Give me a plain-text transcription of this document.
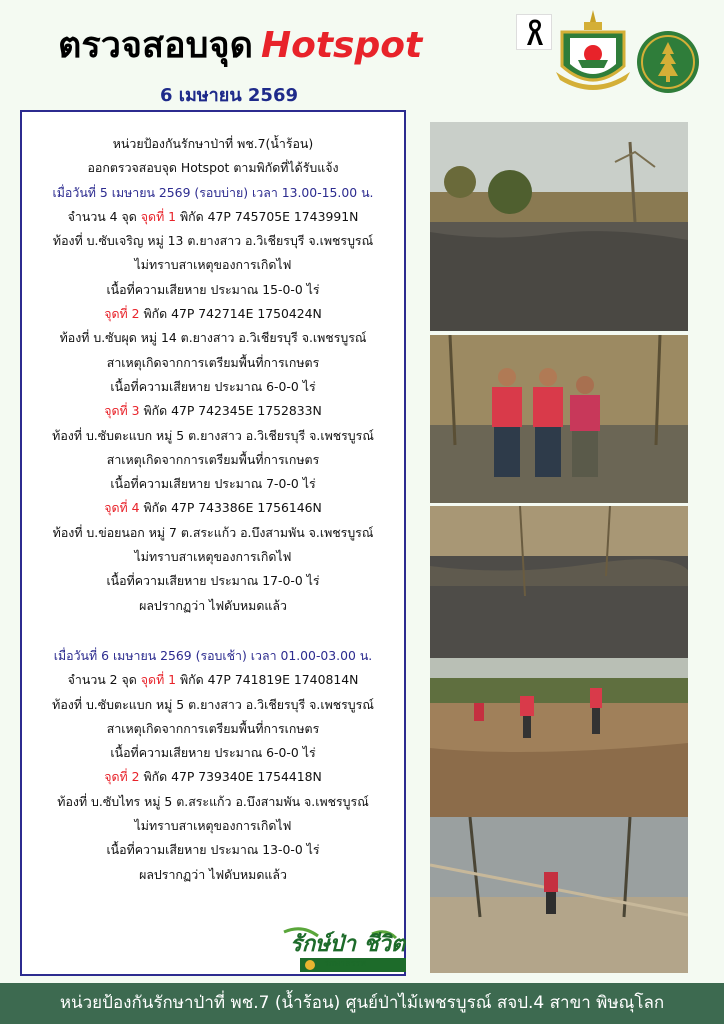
ตรวจสอบจุด Hotspot
6 เมษายน 2569
หน่วยป้องกันรักษาป่าที่ พช.7(น้ำร้อน)
ออกตรวจสอบจุด Hotspot ตามพิกัดที่ได้รับแจ้ง
เมื่อวันที่ 5 เมษายน 2569 (รอบบ่าย) เวลา 13.00-15.00 น.
จำนวน 4 จุด จุดที่ 1 พิกัด 47P 745705E 174399​1N
ท้องที่ บ.ซับเจริญ หมู่ 13 ต.ยางสาว อ.วิเชียรบุรี จ.เพชรบูรณ์
ไม่ทราบสาเหตุของการเกิดไฟ
เนื้อที่ความเสียหาย ประมาณ 15-0-0 ไร่
จุดที่ 2 พิกัด 47P 742714E 1750424N
ท้องที่ บ.ซับผุด หมู่ 14 ต.ยางสาว อ.วิเชียรบุรี จ.เพชรบูรณ์
สาเหตุเกิดจากการเตรียมพื้นที่การเกษตร
เนื้อที่ความเสียหาย ประมาณ 6-0-0 ไร่
จุดที่ 3 พิกัด 47P 742345E 1752833N
ท้องที่ บ.ซับตะแบก หมู่ 5 ต.ยางสาว อ.วิเชียรบุรี จ.เพชรบูรณ์
สาเหตุเกิดจากการเตรียมพื้นที่การเกษตร
เนื้อที่ความเสียหาย ประมาณ 7-0-0 ไร่
จุดที่ 4 พิกัด 47P 743386E 1756146N
ท้องที่ บ.ข่อยนอก หมู่ 7 ต.สระแก้ว อ.บึงสามพัน จ.เพชรบูรณ์
ไม่ทราบสาเหตุของการเกิดไฟ
เนื้อที่ความเสียหาย ประมาณ 17-0-0 ไร่
ผลปรากฏว่า ไฟดับหมดแล้ว
เมื่อวันที่ 6 เมษายน 2569 (รอบเช้า) เวลา 01.00-03.00 น.
จำนวน 2 จุด จุดที่ 1 พิกัด 47P 741819E 1740814N
ท้องที่ บ.ซับตะแบก หมู่ 5 ต.ยางสาว อ.วิเชียรบุรี จ.เพชรบูรณ์
สาเหตุเกิดจากการเตรียมพื้นที่การเกษตร
เนื้อที่ความเสียหาย ประมาณ 6-0-0 ไร่
จุดที่ 2 พิกัด 47P 739340E 1754418N
ท้องที่ บ.ซับไทร หมู่ 5 ต.สระแก้ว อ.บึงสามพัน จ.เพชรบูรณ์
ไม่ทราบสาเหตุของการเกิดไฟ
เนื้อที่ความเสียหาย ประมาณ 13-0-0 ไร่
ผลปรากฏว่า ไฟดับหมดแล้ว
รักษ์ป่า ชีวิต
รักษาสรรพ
หน่วยป้องกันรักษาป่าที่ พช.7 (น้ำร้อน) ศูนย์ป่าไม้เพชรบูรณ์ สจป.4 สาขา พิษณุโลก
